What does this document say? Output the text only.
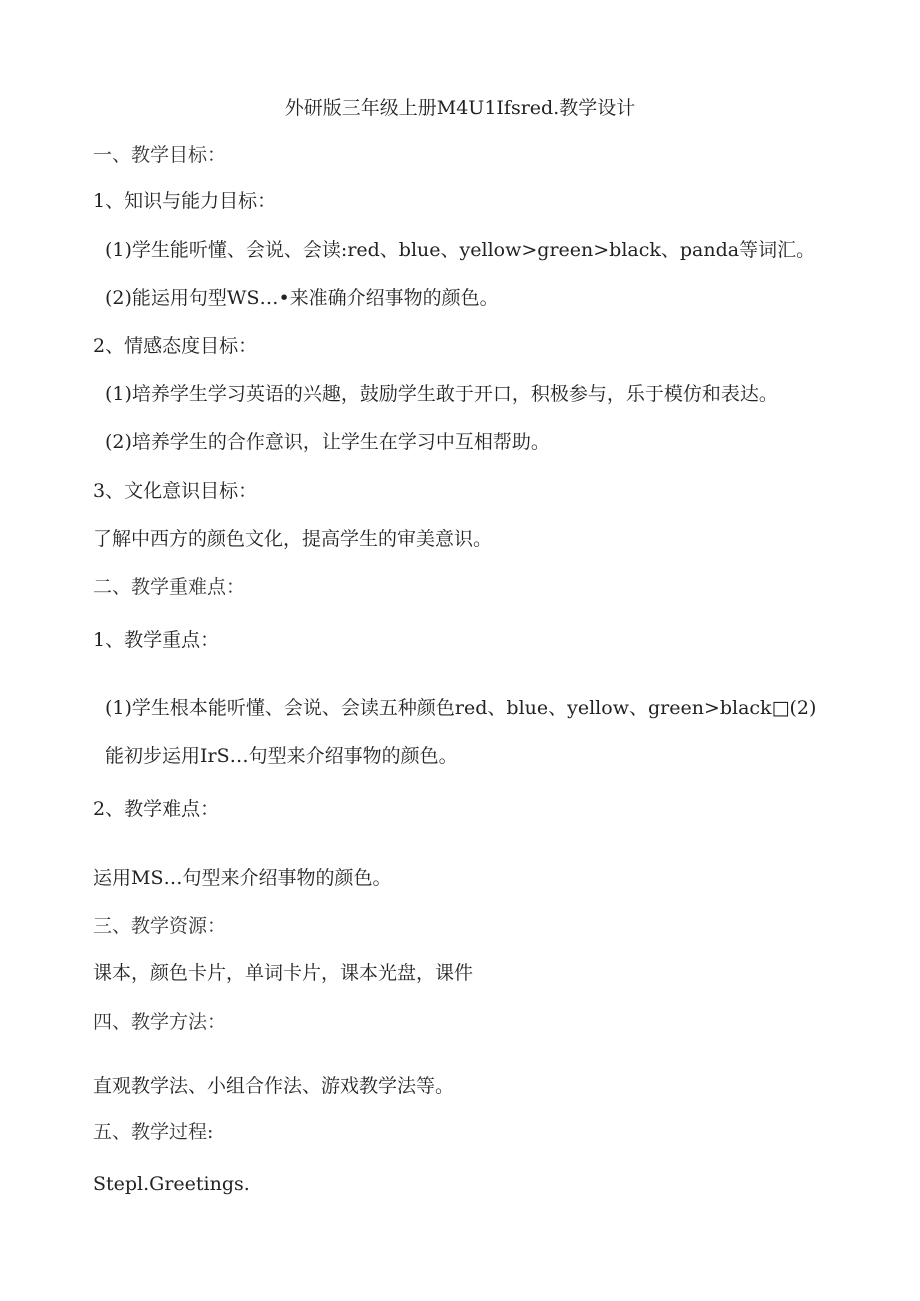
外研版三年级上册M4U1Ifsred.教学设计
一、教学目标：
1、知识与能力目标：
(1)学生能听懂、会说、会读:red、blue、yellow>green>black、panda等词汇。
(2)能运用句型WS…•来准确介绍事物的颜色。
2、情感态度目标：
(1)培养学生学习英语的兴趣，鼓励学生敢于开口，积极参与，乐于模仿和表达。
(2)培养学生的合作意识，让学生在学习中互相帮助。
3、文化意识目标：
了解中西方的颜色文化，提高学生的审美意识。
二、教学重难点：
1、教学重点：
(1)学生根本能听懂、会说、会读五种颜色red、blue、yellow、green>black□(2)
能初步运用IrS…句型来介绍事物的颜色。
2、教学难点：
运用MS…句型来介绍事物的颜色。
三、教学资源：
课本，颜色卡片，单词卡片，课本光盘，课件
四、教学方法：
直观教学法、小组合作法、游戏教学法等。
五、教学过程:
Stepl.Greetings.
